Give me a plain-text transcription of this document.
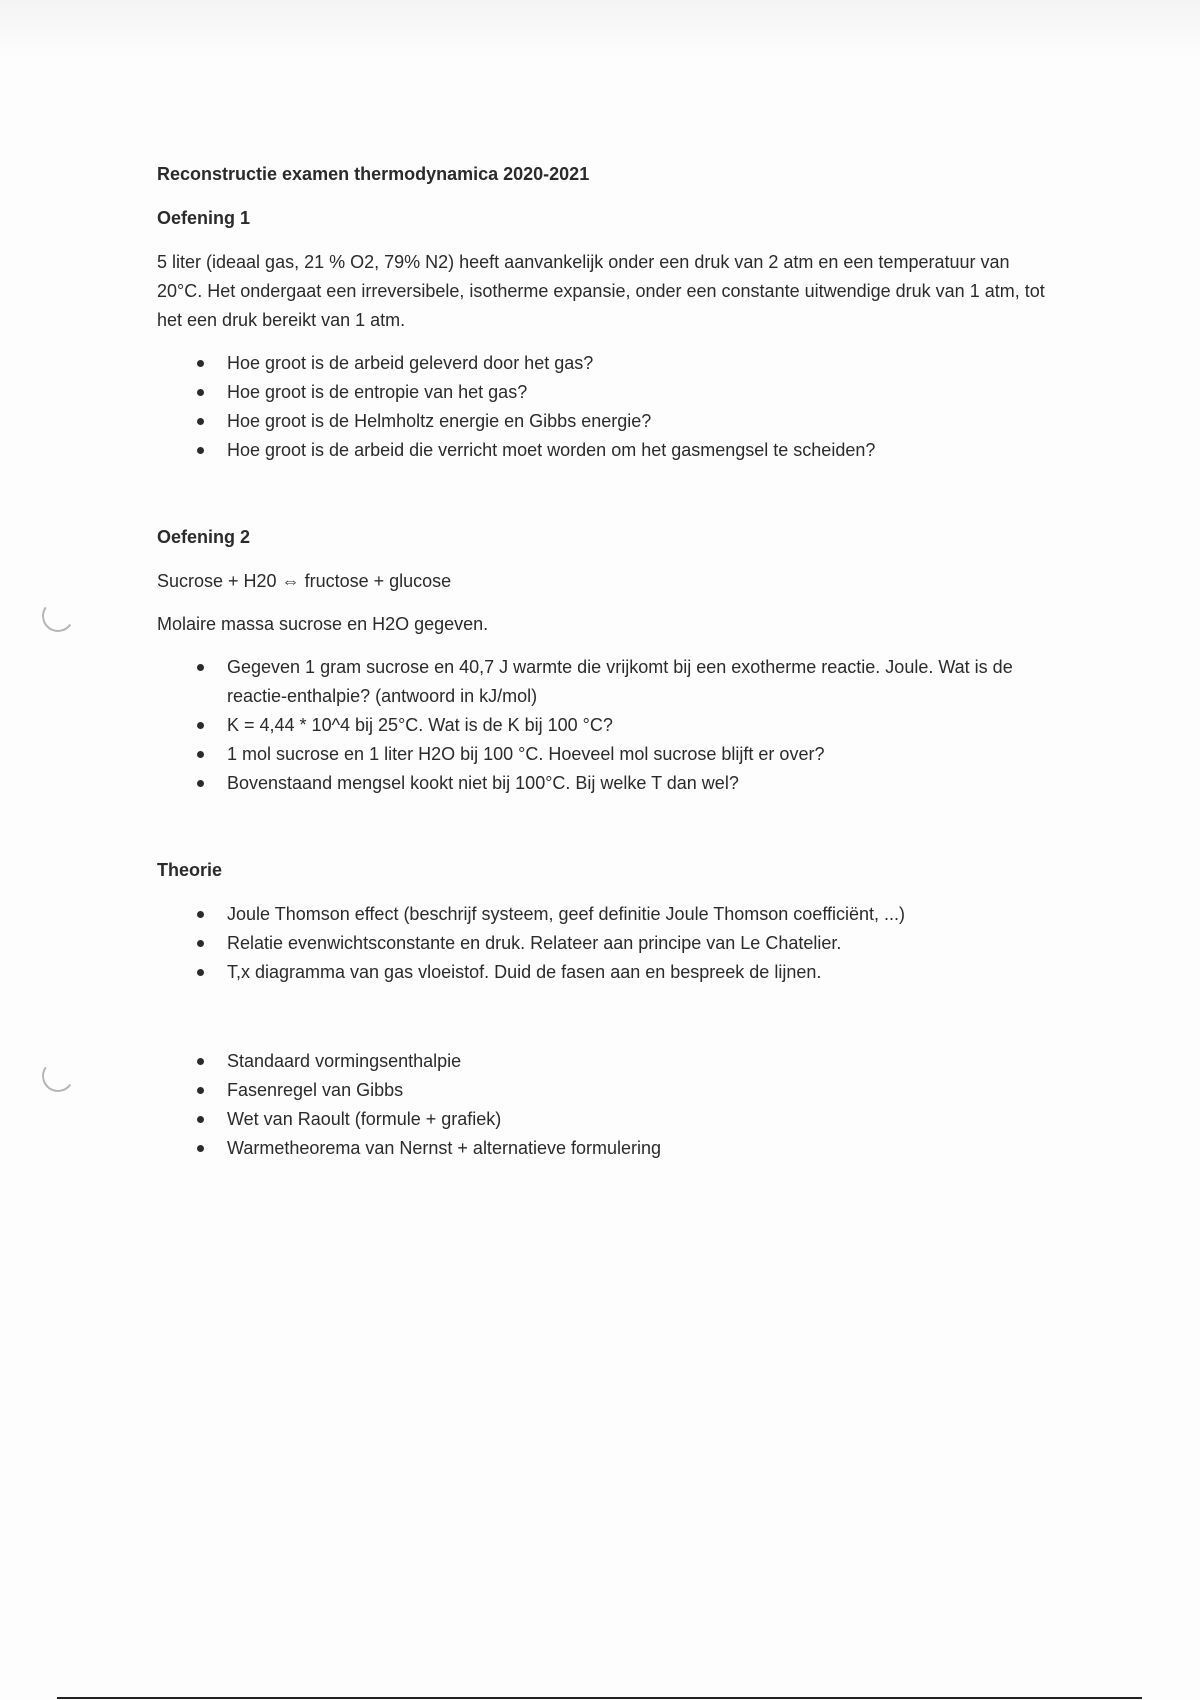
Reconstructie examen thermodynamica 2020-2021
Oefening 1
5 liter (ideaal gas, 21 % O2, 79% N2) heeft aanvankelijk onder een druk van 2 atm en een temperatuur van 20°C. Het ondergaat een irreversibele, isotherme expansie, onder een constante uitwendige druk van 1 atm, tot het een druk bereikt van 1 atm.
Hoe groot is de arbeid geleverd door het gas?
Hoe groot is de entropie van het gas?
Hoe groot is de Helmholtz energie en Gibbs energie?
Hoe groot is de arbeid die verricht moet worden om het gasmengsel te scheiden?
Oefening 2
Sucrose + H20 ⇔ fructose + glucose
Molaire massa sucrose en H2O gegeven.
Gegeven 1 gram sucrose en 40,7 J warmte die vrijkomt bij een exotherme reactie. Joule. Wat is de reactie-enthalpie? (antwoord in kJ/mol)
K = 4,44 * 10^4 bij 25°C. Wat is de K bij 100 °C?
1 mol sucrose en 1 liter H2O bij 100 °C. Hoeveel mol sucrose blijft er over?
Bovenstaand mengsel kookt niet bij 100°C. Bij welke T dan wel?
Theorie
Joule Thomson effect (beschrijf systeem, geef definitie Joule Thomson coefficiënt, ...)
Relatie evenwichtsconstante en druk. Relateer aan principe van Le Chatelier.
T,x diagramma van gas vloeistof. Duid de fasen aan en bespreek de lijnen.
Standaard vormingsenthalpie
Fasenregel van Gibbs
Wet van Raoult (formule + grafiek)
Warmetheorema van Nernst + alternatieve formulering
